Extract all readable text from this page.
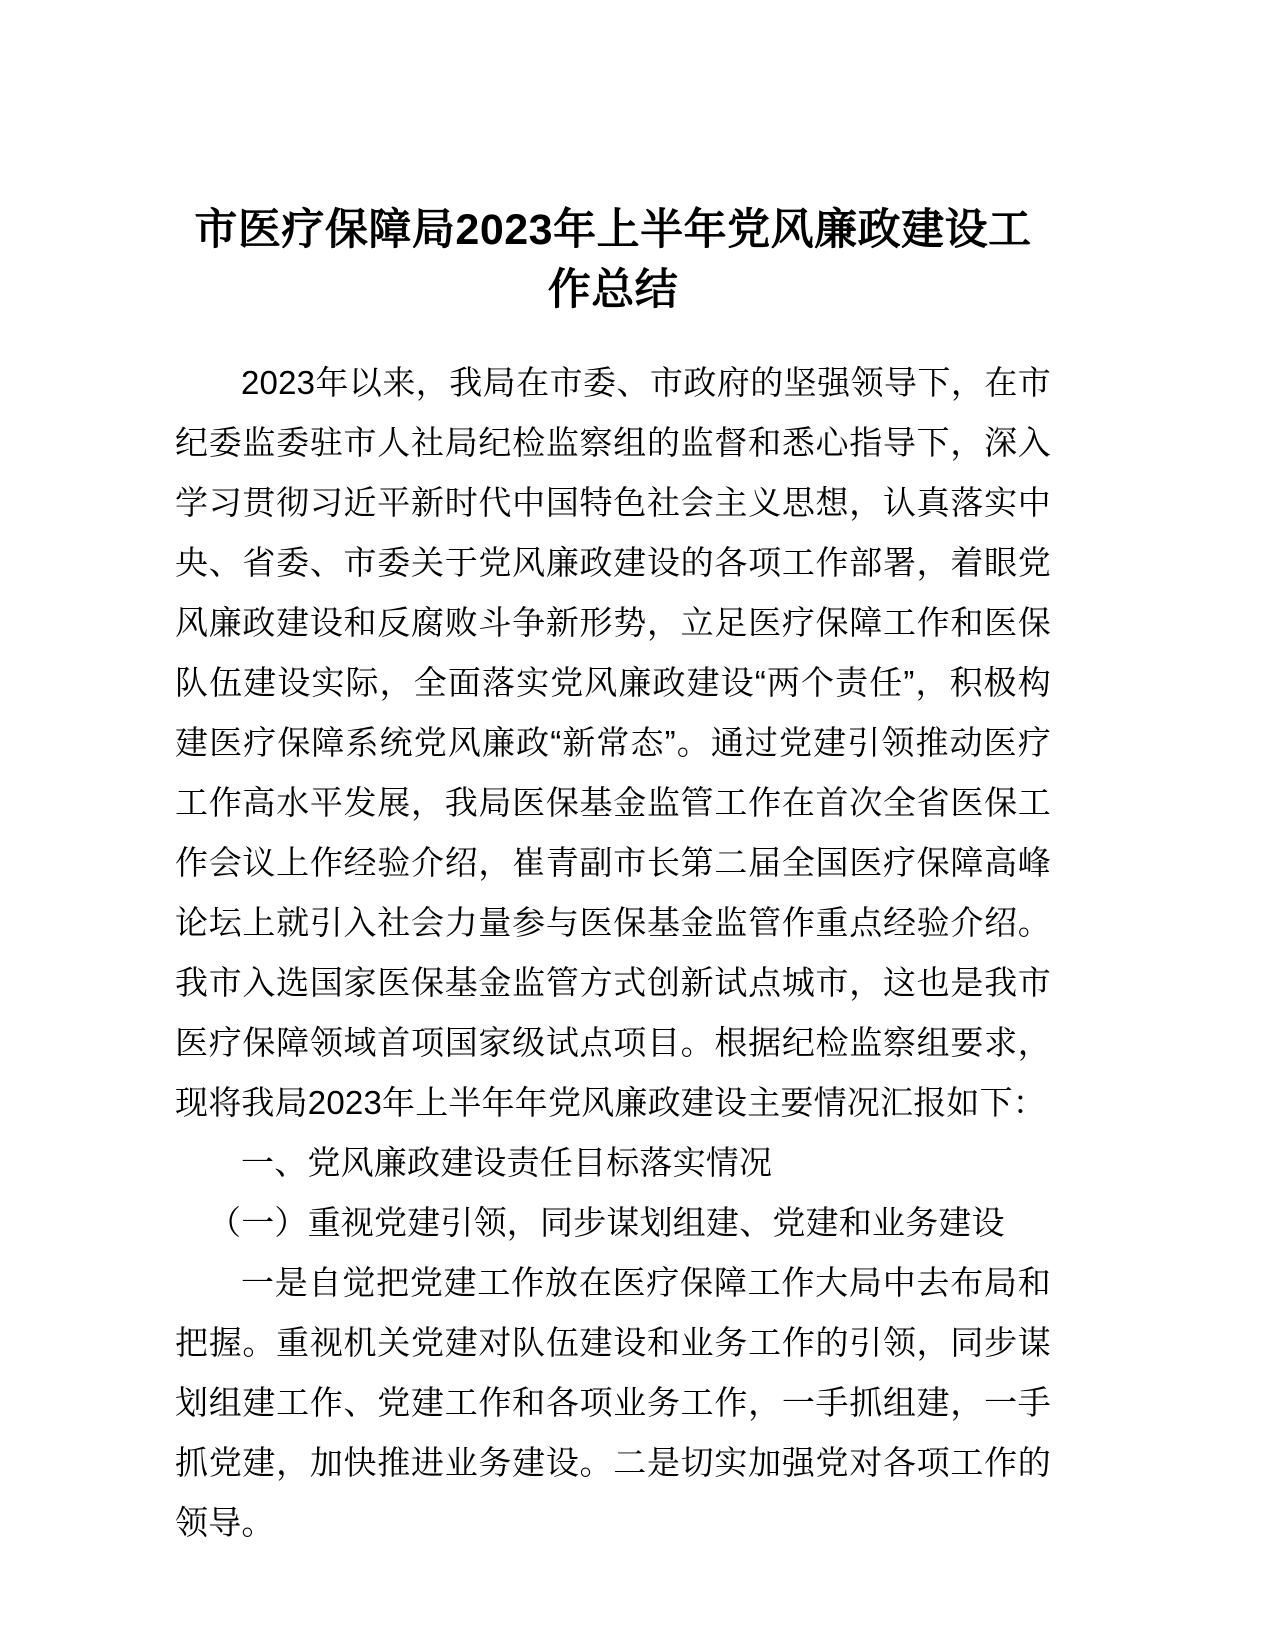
市医疗保障局2023年上半年党风廉政建设工作总结

2023年以来，我局在市委、市政府的坚强领导下，在市纪委监委驻市人社局纪检监察组的监督和悉心指导下，深入学习贯彻习近平新时代中国特色社会主义思想，认真落实中央、省委、市委关于党风廉政建设的各项工作部署，着眼党风廉政建设和反腐败斗争新形势，立足医疗保障工作和医保队伍建设实际，全面落实党风廉政建设“两个责任”，积极构建医疗保障系统党风廉政“新常态”。通过党建引领推动医疗工作高水平发展，我局医保基金监管工作在首次全省医保工作会议上作经验介绍，崔青副市长第二届全国医疗保障高峰论坛上就引入社会力量参与医保基金监管作重点经验介绍。我市入选国家医保基金监管方式创新试点城市，这也是我市医疗保障领域首项国家级试点项目。根据纪检监察组要求，现将我局2023年上半年年党风廉政建设主要情况汇报如下：

一、党风廉政建设责任目标落实情况

（一）重视党建引领，同步谋划组建、党建和业务建设

一是自觉把党建工作放在医疗保障工作大局中去布局和把握。重视机关党建对队伍建设和业务工作的引领，同步谋划组建工作、党建工作和各项业务工作，一手抓组建，一手抓党建，加快推进业务建设。二是切实加强党对各项工作的领导。
